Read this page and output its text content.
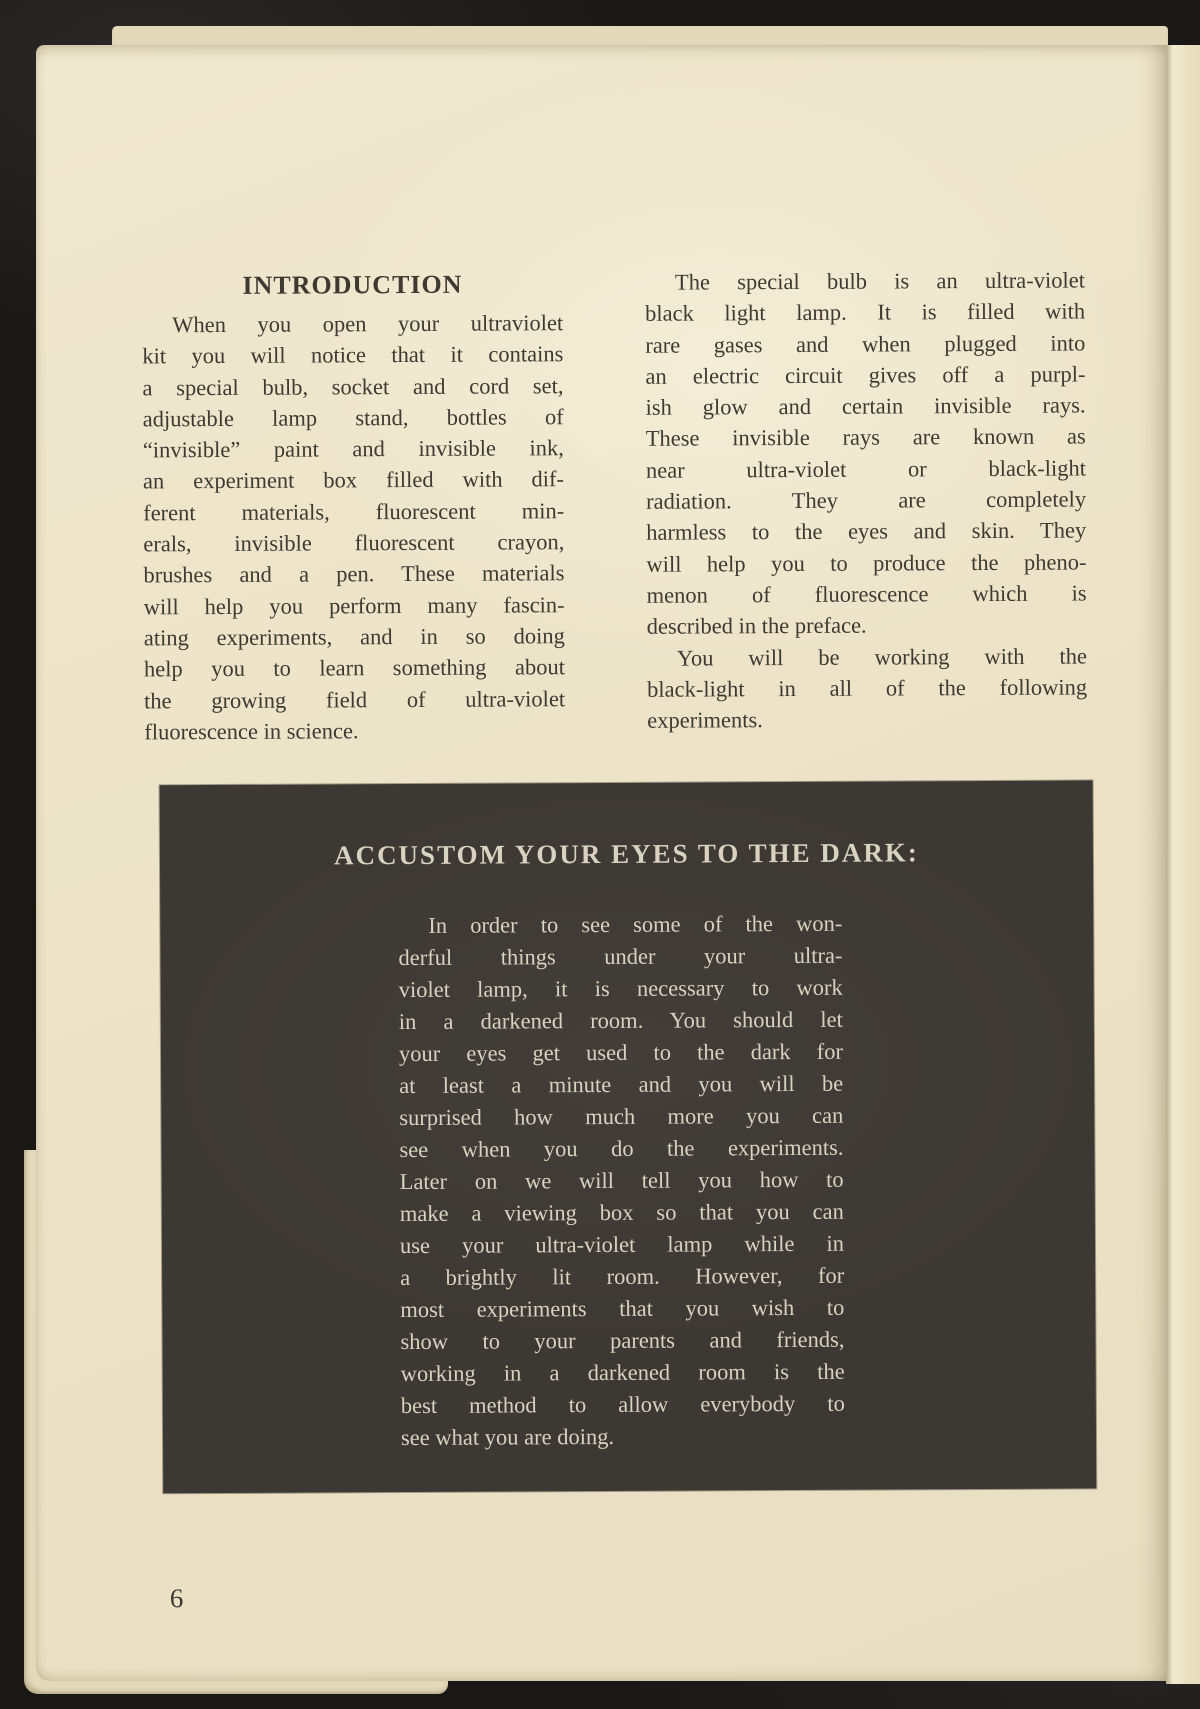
INTRODUCTION
When you open your ultraviolet
kit you will notice that it contains
a special bulb, socket and cord set,
adjustable lamp stand, bottles of
“invisible” paint and invisible ink,
an experiment box filled with dif-
ferent materials, fluorescent min-
erals, invisible fluorescent crayon,
brushes and a pen. These materials
will help you perform many fascin-
ating experiments, and in so doing
help you to learn something about
the growing field of ultra-violet
fluorescence in science.
The special bulb is an ultra-violet
black light lamp. It is filled with
rare gases and when plugged into
an electric circuit gives off a purpl-
ish glow and certain invisible rays.
These invisible rays are known as
near ultra-violet or black-light
radiation. They are completely
harmless to the eyes and skin. They
will help you to produce the pheno-
menon of fluorescence which is
described in the preface.
You will be working with the
black-light in all of the following
experiments.
ACCUSTOM YOUR EYES TO THE DARK:
In order to see some of the won-
derful things under your ultra-
violet lamp, it is necessary to work
in a darkened room. You should let
your eyes get used to the dark for
at least a minute and you will be
surprised how much more you can
see when you do the experiments.
Later on we will tell you how to
make a viewing box so that you can
use your ultra-violet lamp while in
a brightly lit room. However, for
most experiments that you wish to
show to your parents and friends,
working in a darkened room is the
best method to allow everybody to
see what you are doing.
6
